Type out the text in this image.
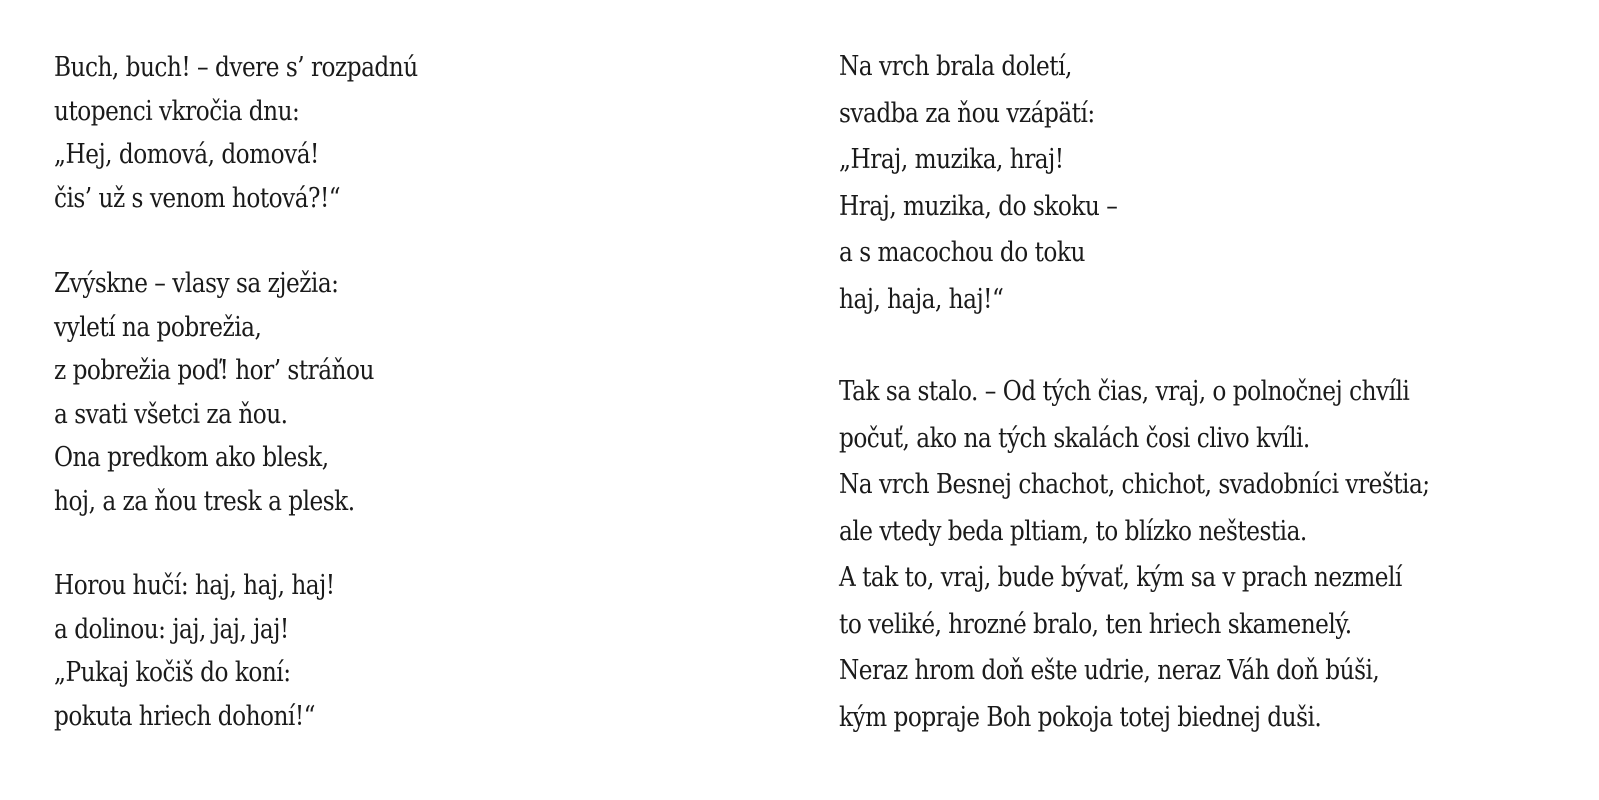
Buch, buch! – dvere s’ rozpadnú
utopenci vkročia dnu:
„Hej, domová, domová!
čis’ už s venom hotová?!“
Zvýskne – vlasy sa zježia:
vyletí na pobrežia,
z pobrežia poď! hor’ stráňou
a svati všetci za ňou.
Ona predkom ako blesk,
hoj, a za ňou tresk a plesk.
Horou hučí: haj, haj, haj!
a dolinou: jaj, jaj, jaj!
„Pukaj kočiš do koní:
pokuta hriech dohoní!“
Na vrch brala doletí,
svadba za ňou vzápätí:
„Hraj, muzika, hraj!
Hraj, muzika, do skoku –
a s macochou do toku
haj, haja, haj!“
Tak sa stalo. – Od tých čias, vraj, o polnočnej chvíli
počuť, ako na tých skalách čosi clivo kvíli.
Na vrch Besnej chachot, chichot, svadobníci vreštia;
ale vtedy beda pltiam, to blízko neštestia.
A tak to, vraj, bude bývať, kým sa v prach nezmelí
to veliké, hrozné bralo, ten hriech skamenelý.
Neraz hrom doň ešte udrie, neraz Váh doň búši,
kým popraje Boh pokoja totej biednej duši.
